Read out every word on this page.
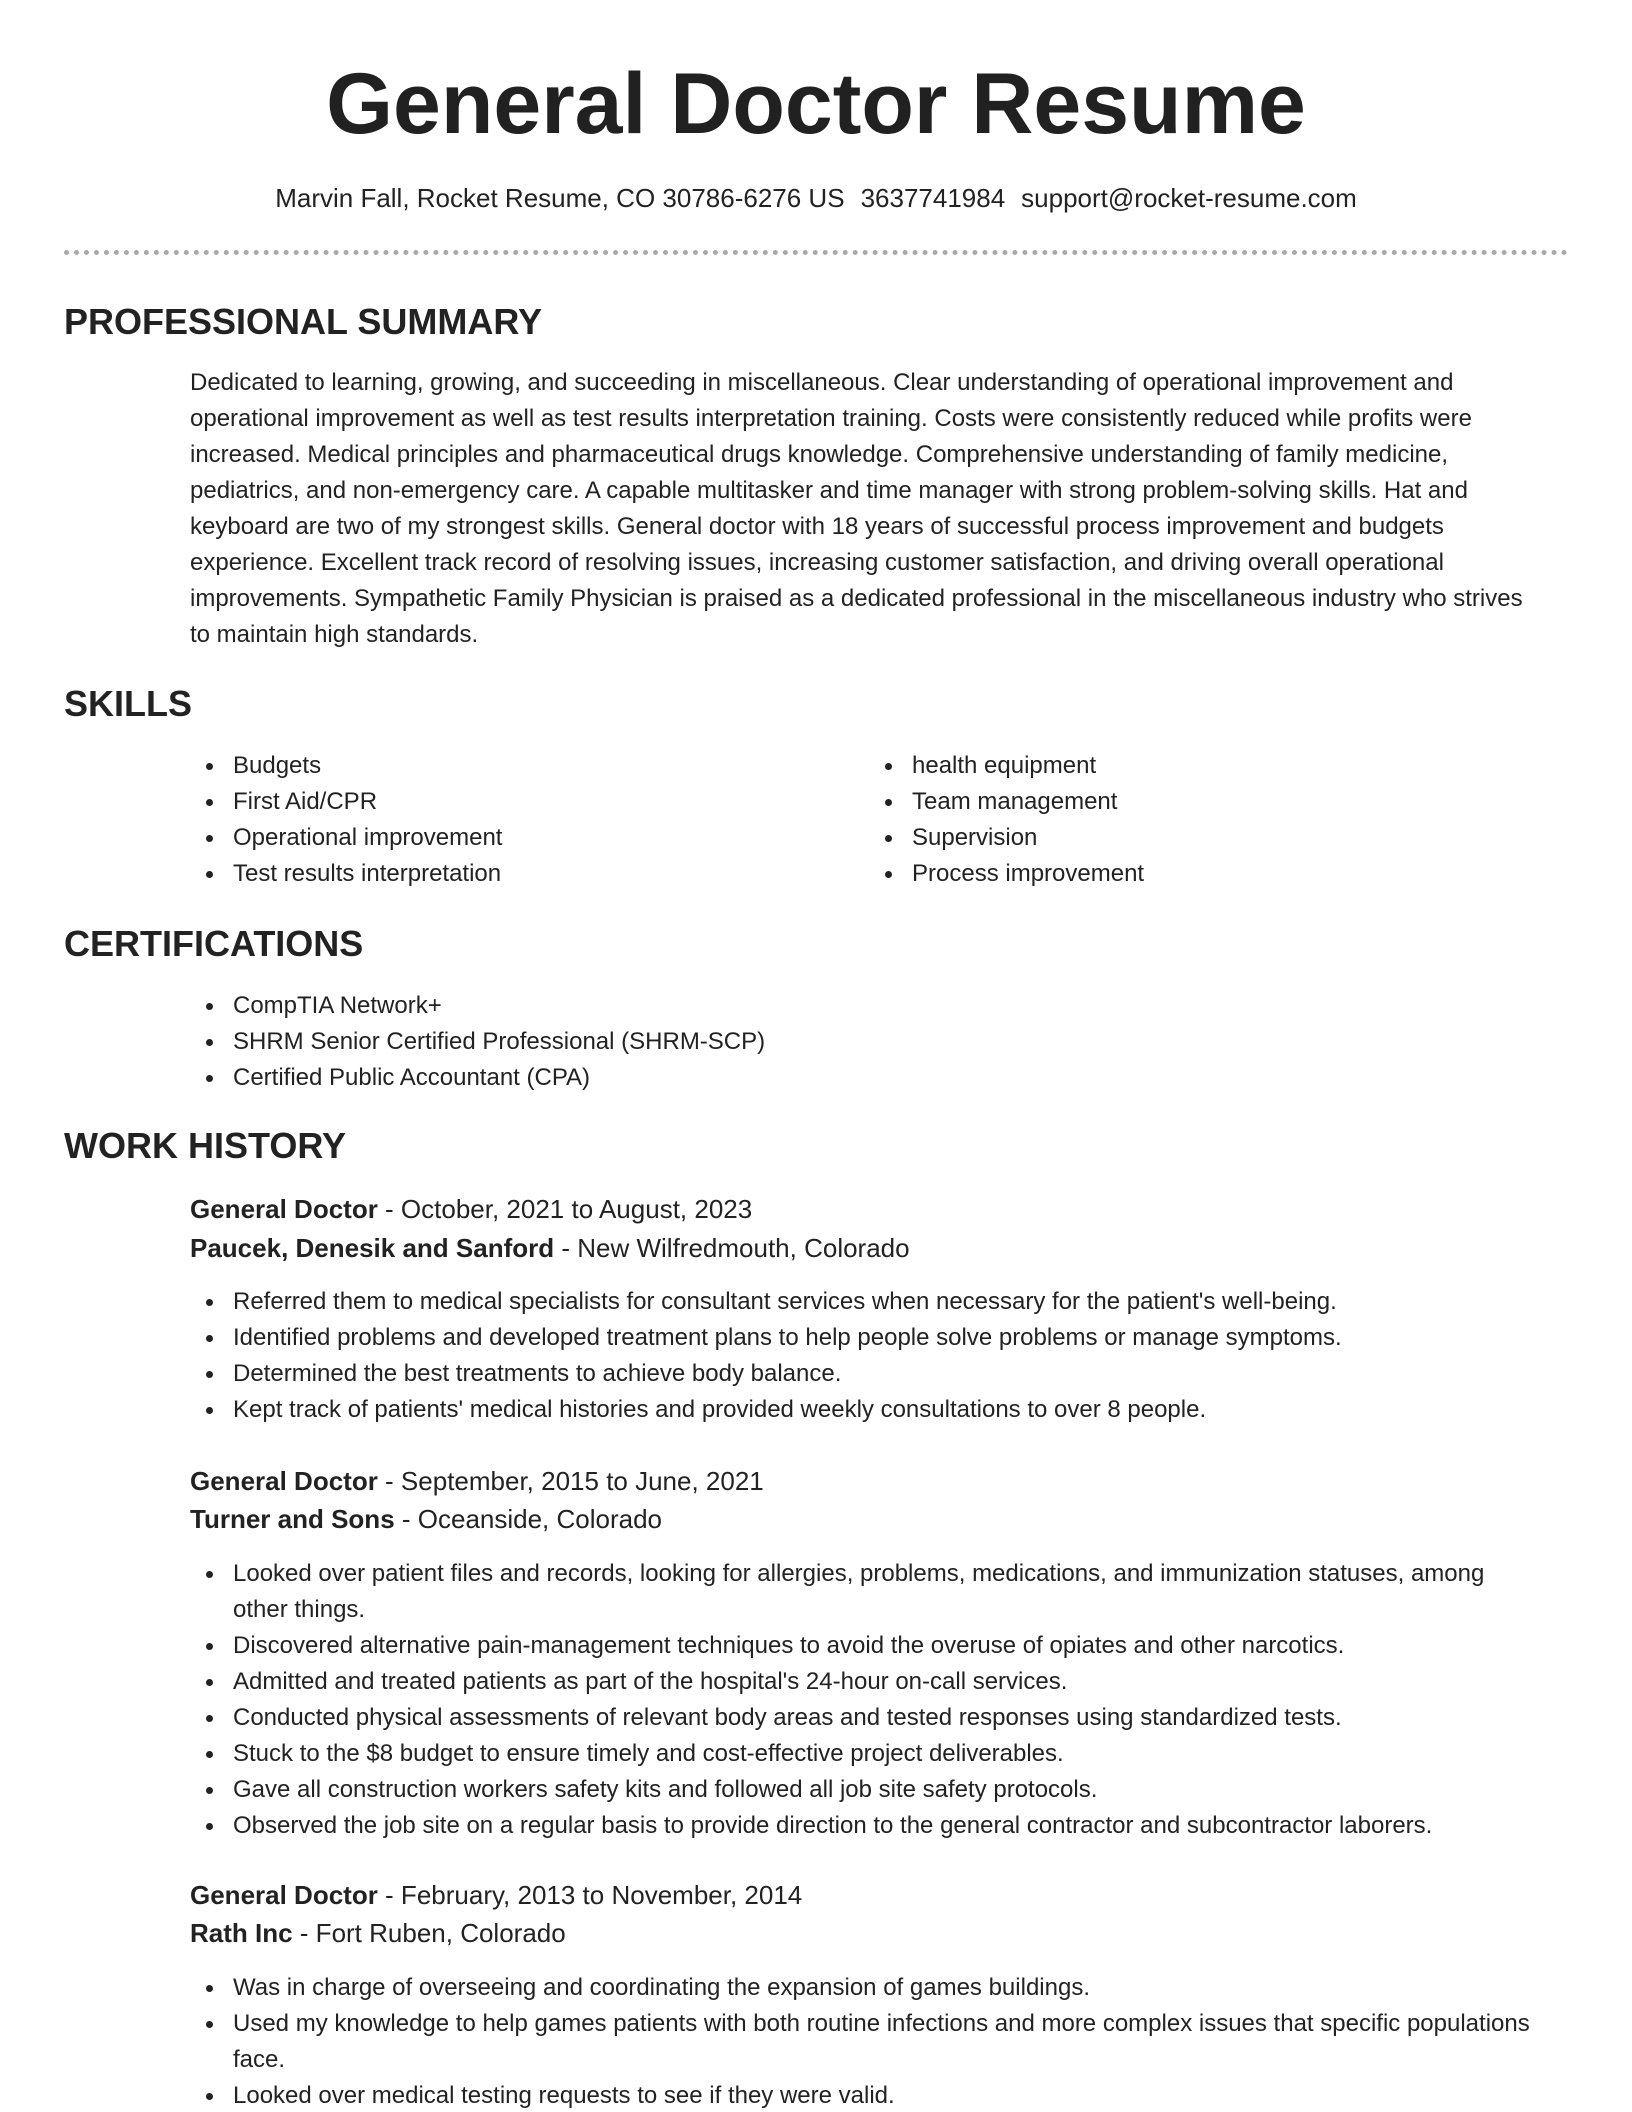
General Doctor Resume
Marvin Fall, Rocket Resume, CO 30786-6276 US 3637741984 support@rocket-resume.com
PROFESSIONAL SUMMARY

Dedicated to learning, growing, and succeeding in miscellaneous. Clear understanding of operational improvement and operational improvement as well as test results interpretation training. Costs were consistently reduced while profits were increased. Medical principles and pharmaceutical drugs knowledge. Comprehensive understanding of family medicine, pediatrics, and non-emergency care. A capable multitasker and time manager with strong problem-solving skills. Hat and keyboard are two of my strongest skills. General doctor with 18 years of successful process improvement and budgets experience. Excellent track record of resolving issues, increasing customer satisfaction, and driving overall operational improvements. Sympathetic Family Physician is praised as a dedicated professional in the miscellaneous industry who strives to maintain high standards.

SKILLS
Budgets
First Aid/CPR
Operational improvement
Test results interpretation
health equipment
Team management
Supervision
Process improvement
CERTIFICATIONS
CompTIA Network+
SHRM Senior Certified Professional (SHRM-SCP)
Certified Public Accountant (CPA)
WORK HISTORY
General Doctor - October, 2021 to August, 2023
Paucek, Denesik and Sanford - New Wilfredmouth, Colorado
Referred them to medical specialists for consultant services when necessary for the patient's well-being.
Identified problems and developed treatment plans to help people solve problems or manage symptoms.
Determined the best treatments to achieve body balance.
Kept track of patients' medical histories and provided weekly consultations to over 8 people.
General Doctor - September, 2015 to June, 2021
Turner and Sons - Oceanside, Colorado
Looked over patient files and records, looking for allergies, problems, medications, and immunization statuses, among other things.
Discovered alternative pain-management techniques to avoid the overuse of opiates and other narcotics.
Admitted and treated patients as part of the hospital's 24-hour on-call services.
Conducted physical assessments of relevant body areas and tested responses using standardized tests.
Stuck to the $8 budget to ensure timely and cost-effective project deliverables.
Gave all construction workers safety kits and followed all job site safety protocols.
Observed the job site on a regular basis to provide direction to the general contractor and subcontractor laborers.
General Doctor - February, 2013 to November, 2014
Rath Inc - Fort Ruben, Colorado
Was in charge of overseeing and coordinating the expansion of games buildings.
Used my knowledge to help games patients with both routine infections and more complex issues that specific populations face.
Looked over medical testing requests to see if they were valid.
